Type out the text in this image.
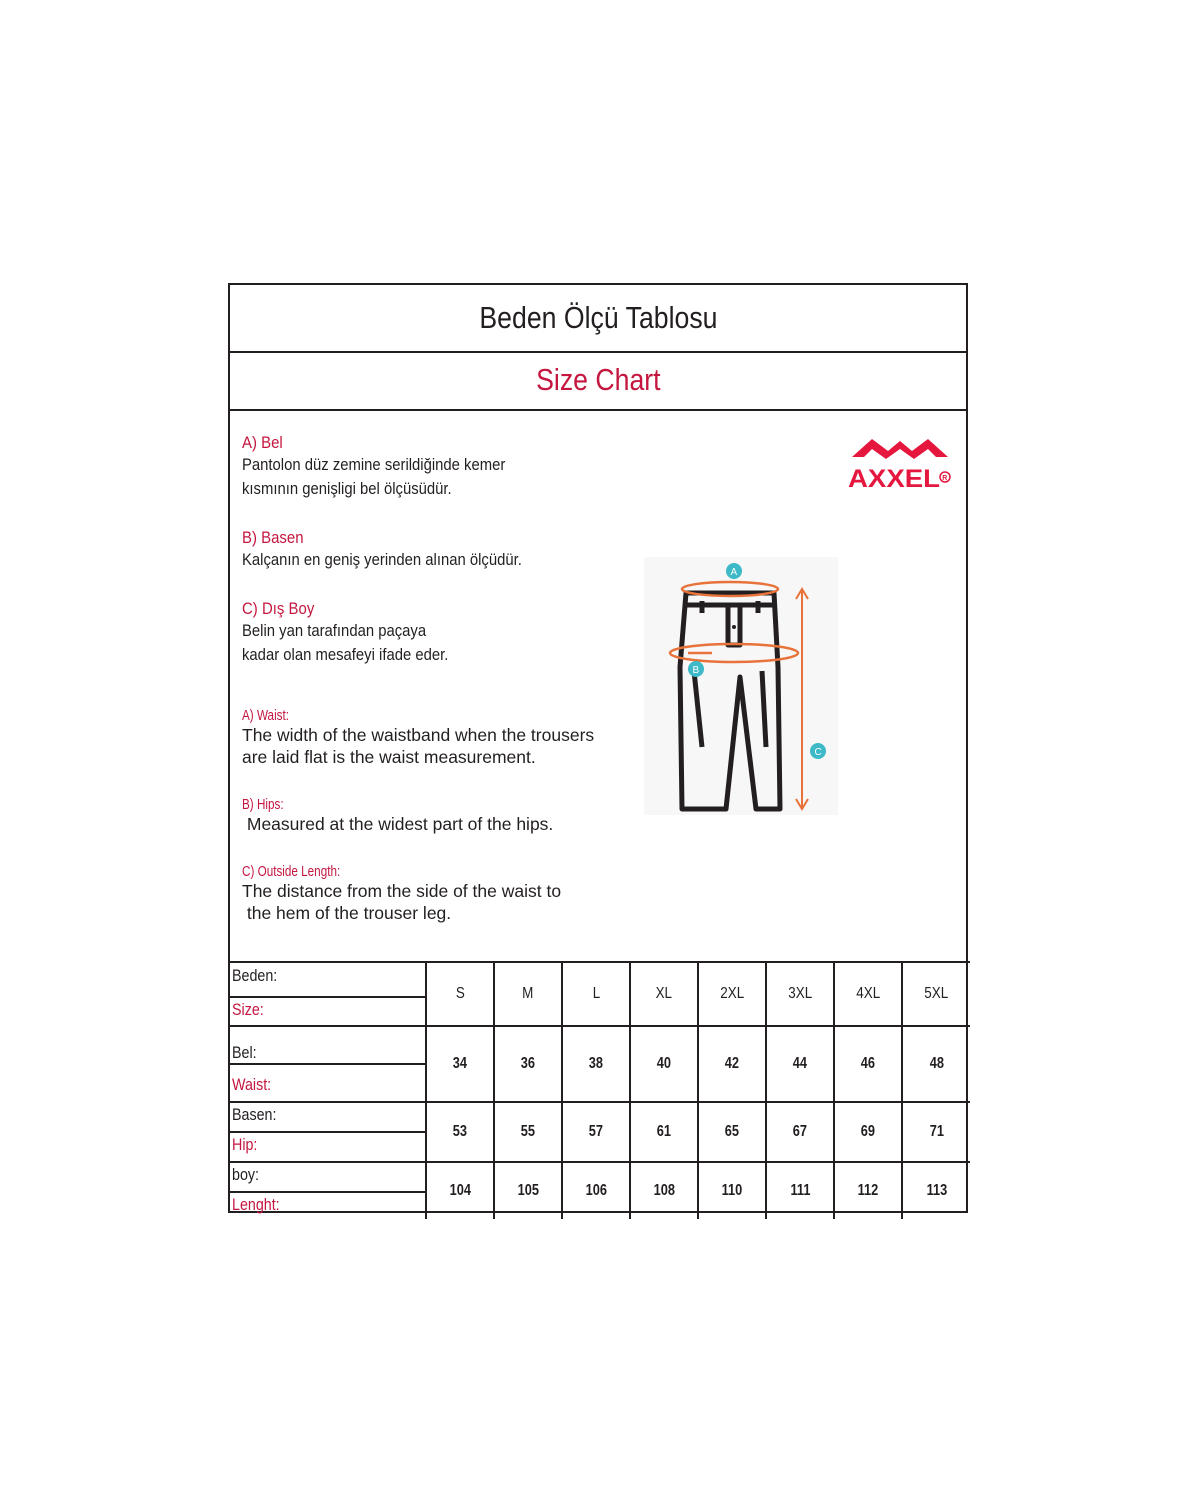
Beden Ölçü Tablosu
Size Chart
A) Bel
Pantolon düz zemine serildiğinde kemer
kısmının genişligi bel ölçüsüdür.
B) Basen
Kalçanın en geniş yerinden alınan ölçüdür.
C) Dış Boy
Belin yan tarafından paçaya
kadar olan mesafeyi ifade eder.
A) Waist:
The width of the waistband when the trousers
are laid flat is the waist measurement.
B) Hips:
Measured at the widest part of the hips.
C) Outside Length:
The distance from the side of the waist to
the hem of the trouser leg.
AXXEL R
A
B
C
Beden:
Size:	S	M	L	XL	2XL	3XL	4XL	5XL

Bel:
Waist:	34	36	38	40	42	44	46	48

Basen:
Hip:	53	55	57	61	65	67	69	71

boy:
Lenght:	104	105	106	108	110	111	112	113
